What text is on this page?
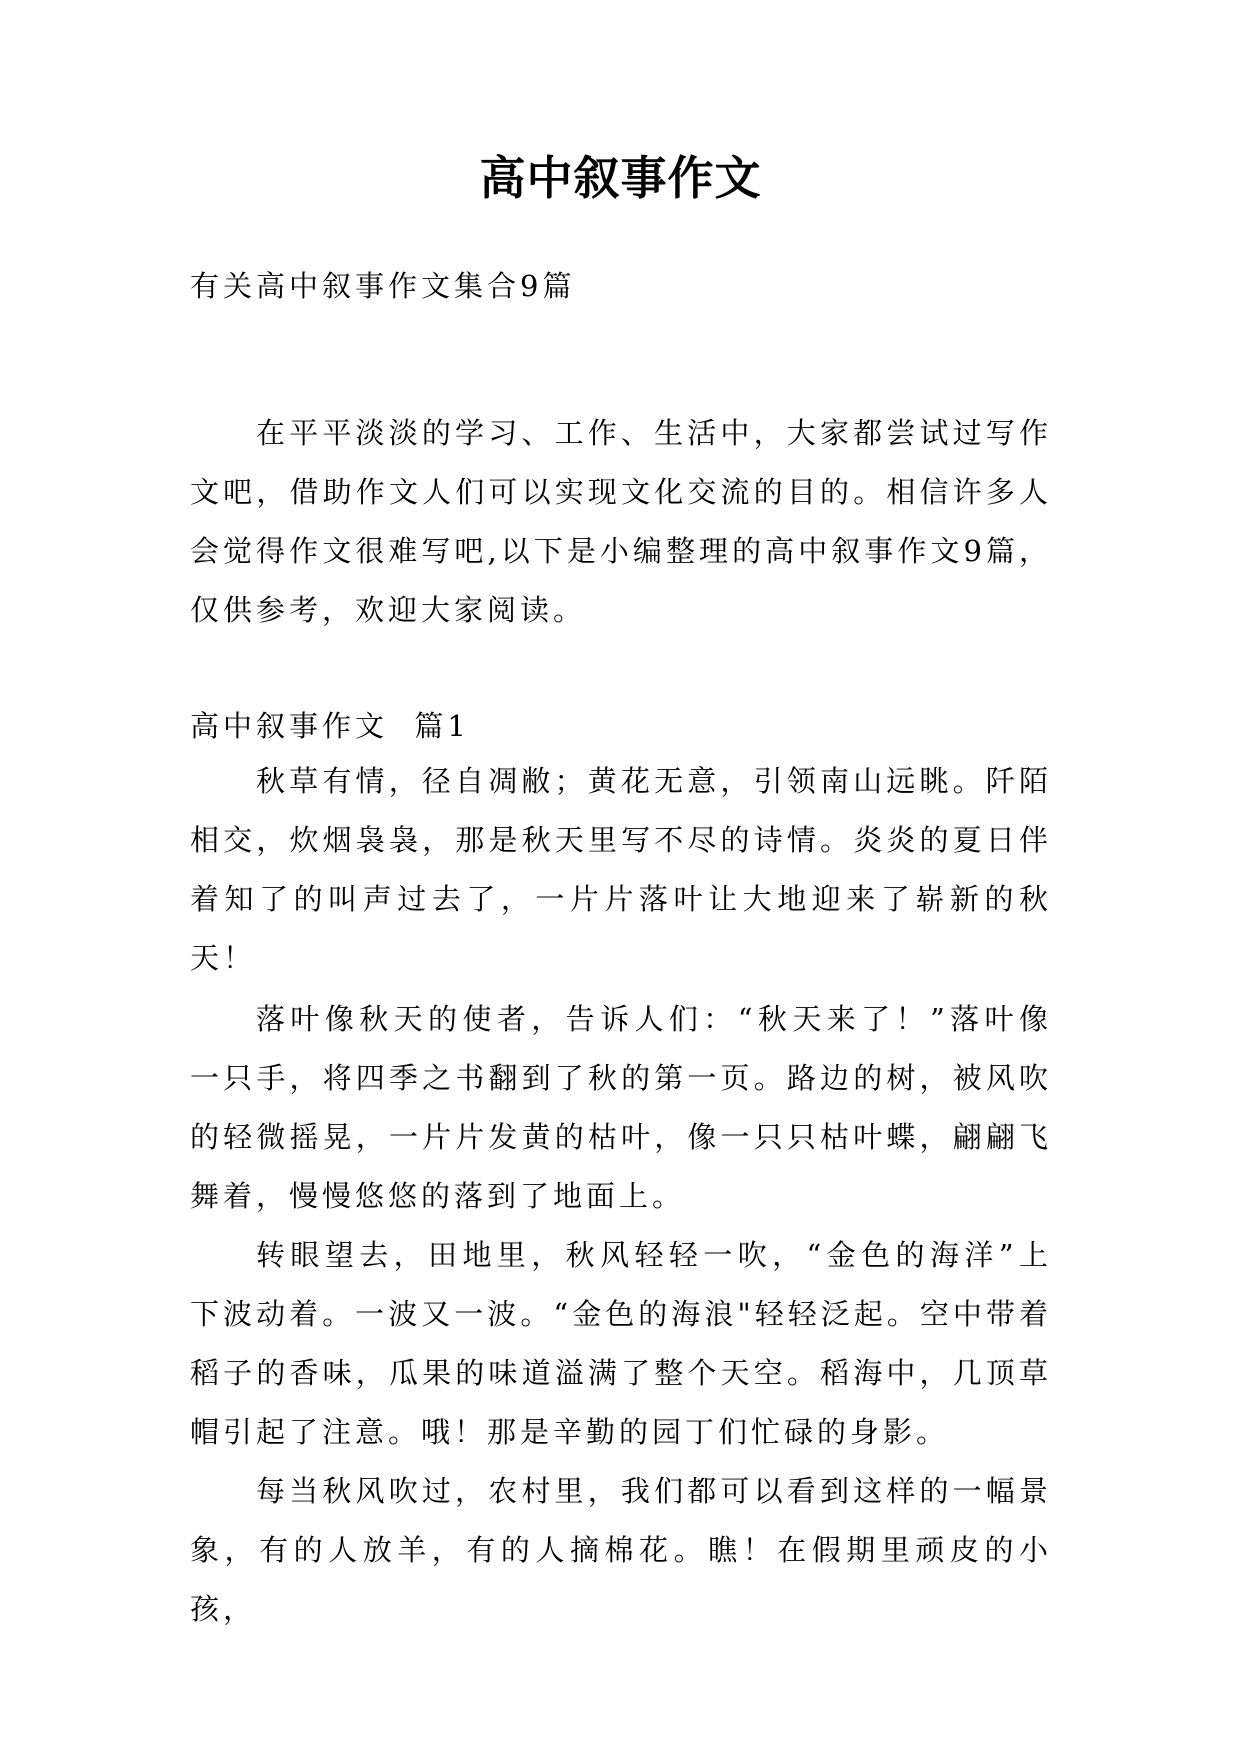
高中叙事作文

有关高中叙事作文集合9篇

在平平淡淡的学习、工作、生活中，大家都尝试过写作文吧，借助作文人们可以实现文化交流的目的。相信许多人会觉得作文很难写吧,以下是小编整理的高中叙事作文9篇，仅供参考，欢迎大家阅读。

高中叙事作文  篇1

秋草有情，径自凋敝；黄花无意，引领南山远眺。阡陌相交，炊烟袅袅，那是秋天里写不尽的诗情。炎炎的夏日伴着知了的叫声过去了，一片片落叶让大地迎来了崭新的秋天！

落叶像秋天的使者，告诉人们：“秋天来了！”落叶像一只手，将四季之书翻到了秋的第一页。路边的树，被风吹的轻微摇晃，一片片发黄的枯叶，像一只只枯叶蝶，翩翩飞舞着，慢慢悠悠的落到了地面上。

转眼望去，田地里，秋风轻轻一吹，“金色的海洋”上下波动着。一波又一波。“金色的海浪"轻轻泛起。空中带着稻子的香味，瓜果的味道溢满了整个天空。稻海中，几顶草帽引起了注意。哦！那是辛勤的园丁们忙碌的身影。

每当秋风吹过，农村里，我们都可以看到这样的一幅景象，有的人放羊，有的人摘棉花。瞧！在假期里顽皮的小孩，
